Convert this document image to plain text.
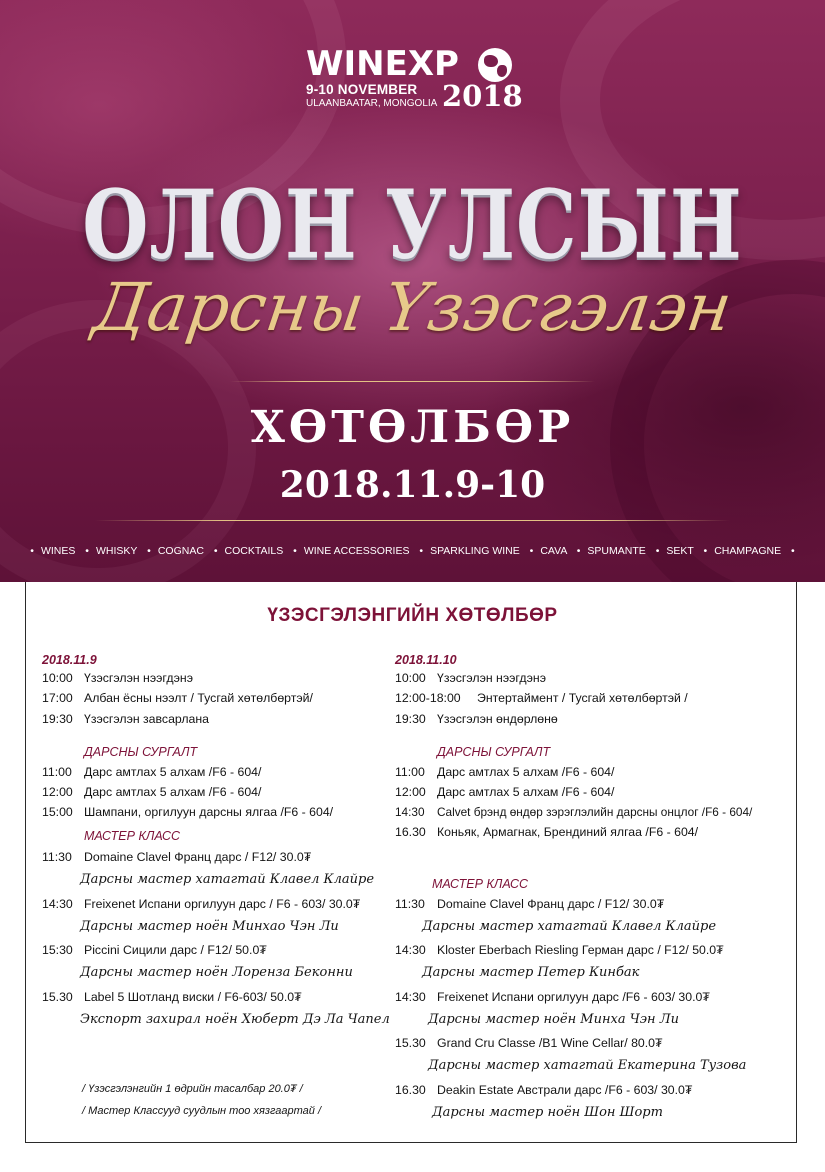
WINEXP
9-10 NOVEMBER
ULAANBAATAR, MONGOLIA 2018
ОЛОН УЛСЫН
Дарсны Үзэсгэлэн
ХӨТӨЛБӨР
2018.11.9-10
• WINES • WHISKY • COGNAC • COCKTAILS • WINE ACCESSORIES • SPARKLING WINE • CAVA • SPUMANTE • SEKT • CHAMPAGNE •
ҮЗЭСГЭЛЭНГИЙН ХӨТӨЛБӨР
2018.11.9
10:00 Үзэсгэлэн нээгдэнэ
17:00 Албан ёсны нээлт / Тусгай хөтөлбөртэй/
19:30 Үзэсгэлэн завсарлана
ДАРСНЫ СУРГАЛТ
11:00 Дарс амтлах 5 алхам /F6 - 604/
12:00 Дарс амтлах 5 алхам /F6 - 604/
15:00 Шампани, оргилуун дарсны ялгаа /F6 - 604/
МАСТЕР КЛАСС
11:30 Domaine Clavel Франц дарс / F12/ 30.0₮
Дарсны мастер хатагтай Клавел Клайре
14:30 Freixenet Испани оргилуун дарс / F6 - 603/ 30.0₮
Дарсны мастер ноён Минхао Чэн Ли
15:30 Piccini Сицили дарс / F12/ 50.0₮
Дарсны мастер ноён Лоренза Беконни
15.30 Label 5 Шотланд виски / F6-603/ 50.0₮
Экспорт захирал ноён Хюберт Дэ Ла Чапел
/ Үзэсгэлэнгийн 1 өдрийн тасалбар 20.0₮ /
/ Мастер Классууд суудлын тоо хязгаартай /
2018.11.10
10:00 Үзэсгэлэн нээгдэнэ
12:00-18:00 Энтертаймент / Тусгай хөтөлбөртэй /
19:30 Үзэсгэлэн өндөрлөнө
ДАРСНЫ СУРГАЛТ
11:00 Дарс амтлах 5 алхам /F6 - 604/
12:00 Дарс амтлах 5 алхам /F6 - 604/
14:30 Calvet брэнд өндөр зэрэглэлийн дарсны онцлог /F6 - 604/
16.30 Коньяк, Армагнак, Брендиний ялгаа /F6 - 604/
МАСТЕР КЛАСС
11:30 Domaine Clavel Франц дарс / F12/ 30.0₮
Дарсны мастер хатагтай Клавел Клайре
14:30 Kloster Eberbach Riesling Герман дарс / F12/ 50.0₮
Дарсны мастер Петер Кинбак
14:30 Freixenet Испани оргилуун дарс /F6 - 603/ 30.0₮
Дарсны мастер ноён Минха Чэн Ли
15.30 Grand Cru Classe /B1 Wine Cellar/ 80.0₮
Дарсны мастер хатагтай Екатерина Тузова
16.30 Deakin Estate Австрали дарс /F6 - 603/ 30.0₮
Дарсны мастер ноён Шон Шорт
